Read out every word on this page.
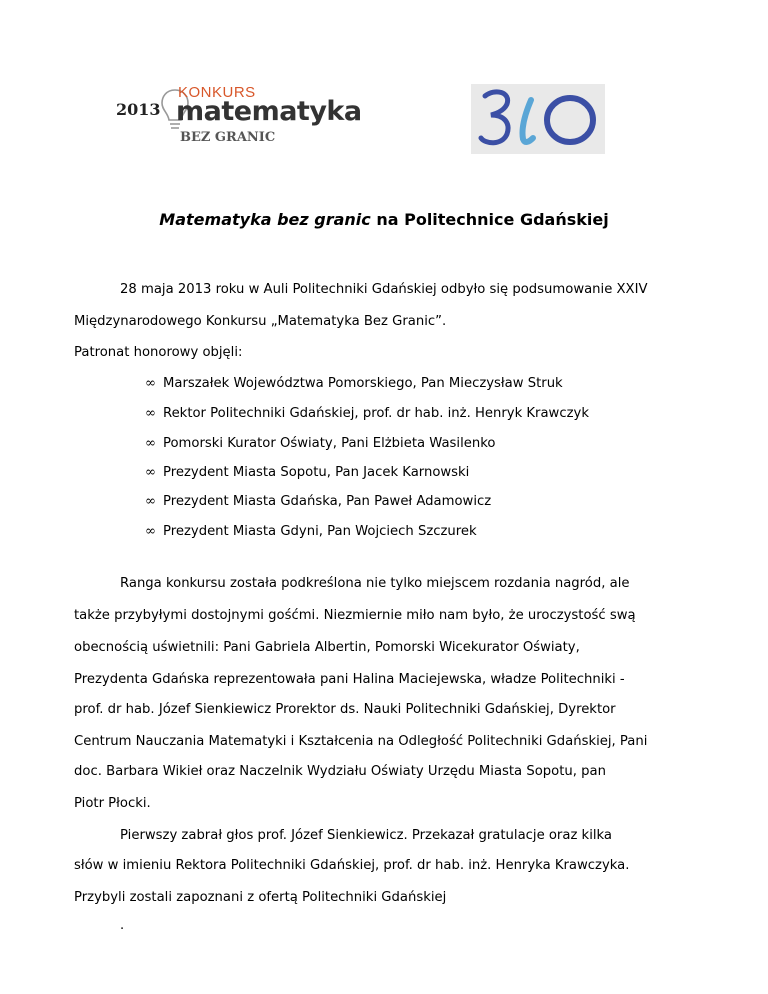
2013
KONKURS
matematyka
BEZ GRANIC
Matematyka bez granic na Politechnice Gdańskiej
28 maja 2013 roku w Auli Politechniki Gdańskiej odbyło się podsumowanie XXIV
Międzynarodowego Konkursu „Matematyka Bez Granic”.
Patronat honorowy objęli:
∞ Marszałek Województwa Pomorskiego, Pan Mieczysław Struk
∞ Rektor Politechniki Gdańskiej, prof. dr hab. inż. Henryk Krawczyk
∞ Pomorski Kurator Oświaty, Pani Elżbieta Wasilenko
∞ Prezydent Miasta Sopotu, Pan Jacek Karnowski
∞ Prezydent Miasta Gdańska, Pan Paweł Adamowicz
∞ Prezydent Miasta Gdyni, Pan Wojciech Szczurek
Ranga konkursu została podkreślona nie tylko miejscem rozdania nagród, ale
także przybyłymi dostojnymi gośćmi. Niezmiernie miło nam było, że uroczystość swą
obecnością uświetnili: Pani Gabriela Albertin, Pomorski Wicekurator Oświaty,
Prezydenta Gdańska reprezentowała pani Halina Maciejewska, władze Politechniki -
prof. dr hab. Józef Sienkiewicz Prorektor ds. Nauki Politechniki Gdańskiej, Dyrektor
Centrum Nauczania Matematyki i Kształcenia na Odległość Politechniki Gdańskiej, Pani
doc. Barbara Wikieł oraz Naczelnik Wydziału Oświaty Urzędu Miasta Sopotu, pan
Piotr Płocki.
Pierwszy zabrał głos prof. Józef Sienkiewicz. Przekazał gratulacje oraz kilka
słów w imieniu Rektora Politechniki Gdańskiej, prof. dr hab. inż. Henryka Krawczyka.
Przybyli zostali zapoznani z ofertą Politechniki Gdańskiej
.
